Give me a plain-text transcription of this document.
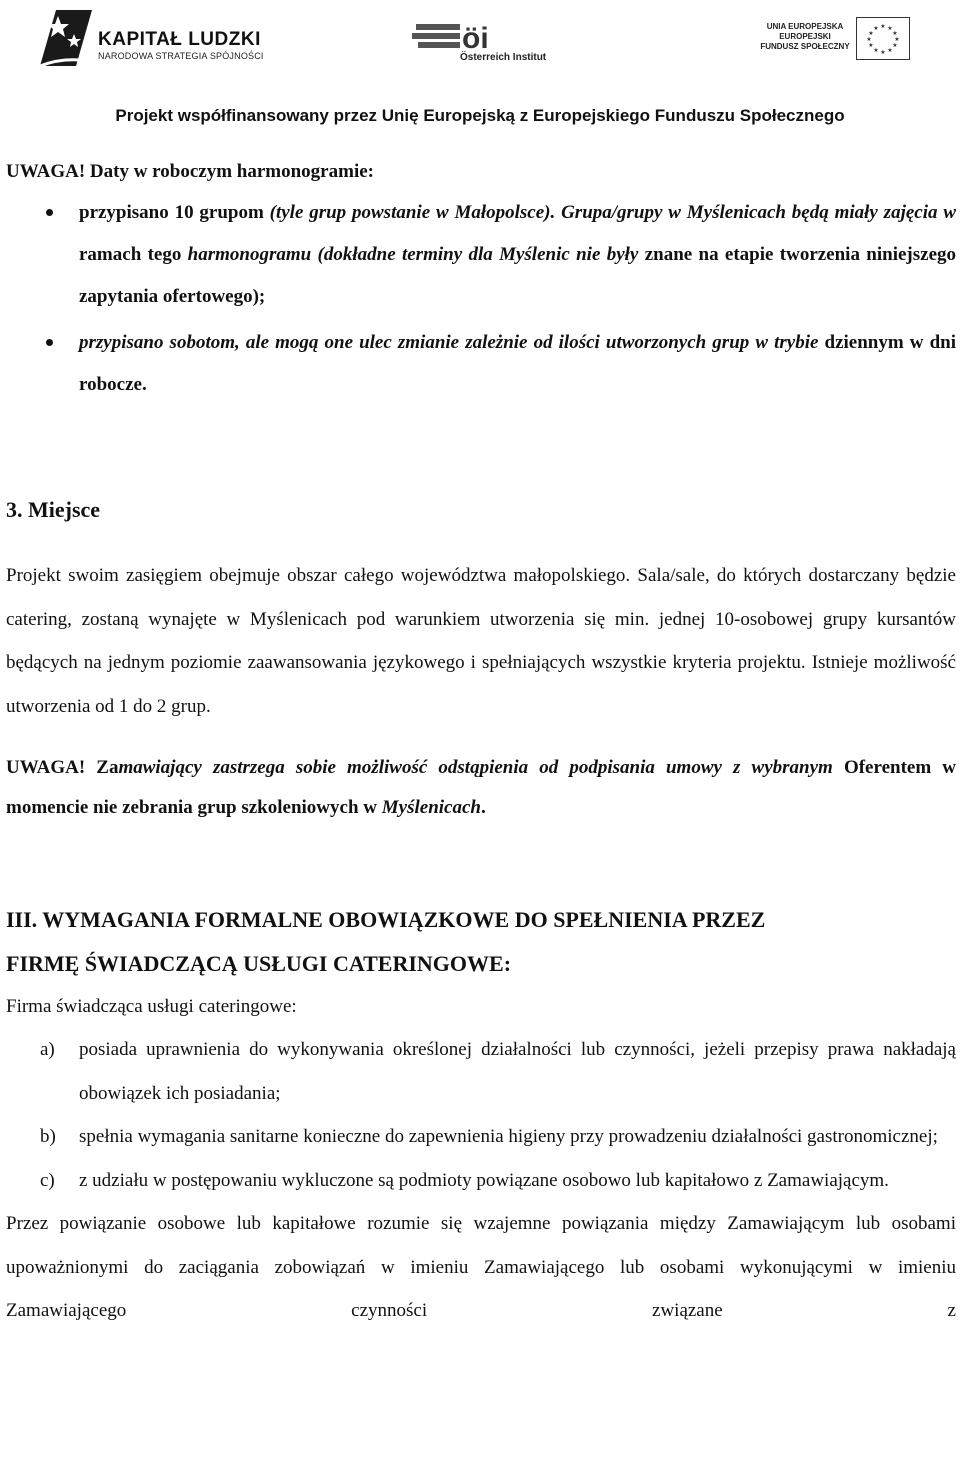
KAPITAŁ LUDZKI
NARODOWA STRATEGIA SPÓJNOŚCI
öi
Österreich Institut
UNIA EUROPEJSKA
EUROPEJSKI
FUNDUSZ SPOŁECZNY
★ ★
★
★
★
★
★
★
★
★
★
★
Projekt współfinansowany przez Unię Europejską z Europejskiego Funduszu Społecznego

UWAGA! Daty w roboczym harmonogramie:

przypisano 10 grupom (tyle grup powstanie w Małopolsce). Grupa/grupy w Myślenicach będą miały zajęcia w ramach tego harmonogramu (dokładne terminy dla Myślenic nie były znane na etapie tworzenia niniejszego zapytania ofertowego);
przypisano sobotom, ale mogą one ulec zmianie zależnie od ilości utworzonych grup w trybie dziennym w dni robocze.

3. Miejsce

Projekt swoim zasięgiem obejmuje obszar całego województwa małopolskiego. Sala/sale, do których dostarczany będzie catering, zostaną wynajęte w Myślenicach pod warunkiem utworzenia się min. jednej 10-osobowej grupy kursantów będących na jednym poziomie zaawansowania językowego i spełniających wszystkie kryteria projektu. Istnieje możliwość utworzenia od 1 do 2 grup.

UWAGA! Zamawiający zastrzega sobie możliwość odstąpienia od podpisania umowy z wybranym Oferentem w momencie nie zebrania grup szkoleniowych w Myślenicach.

III. WYMAGANIA FORMALNE OBOWIĄZKOWE DO SPEŁNIENIA PRZEZ
FIRMĘ ŚWIADCZĄCĄ USŁUGI CATERINGOWE:

Firma świadcząca usługi cateringowe:

a) posiada uprawnienia do wykonywania określonej działalności lub czynności, jeżeli przepisy prawa nakładają obowiązek ich posiadania;
b) spełnia wymagania sanitarne konieczne do zapewnienia higieny przy prowadzeniu działalności gastronomicznej;
c) z udziału w postępowaniu wykluczone są podmioty powiązane osobowo lub kapitałowo z Zamawiającym.

Przez powiązanie osobowe lub kapitałowe rozumie się wzajemne powiązania między Zamawiającym lub osobami upoważnionymi do zaciągania zobowiązań w imieniu Zamawiającego lub osobami wykonującymi w imieniu Zamawiającego czynności związane z
